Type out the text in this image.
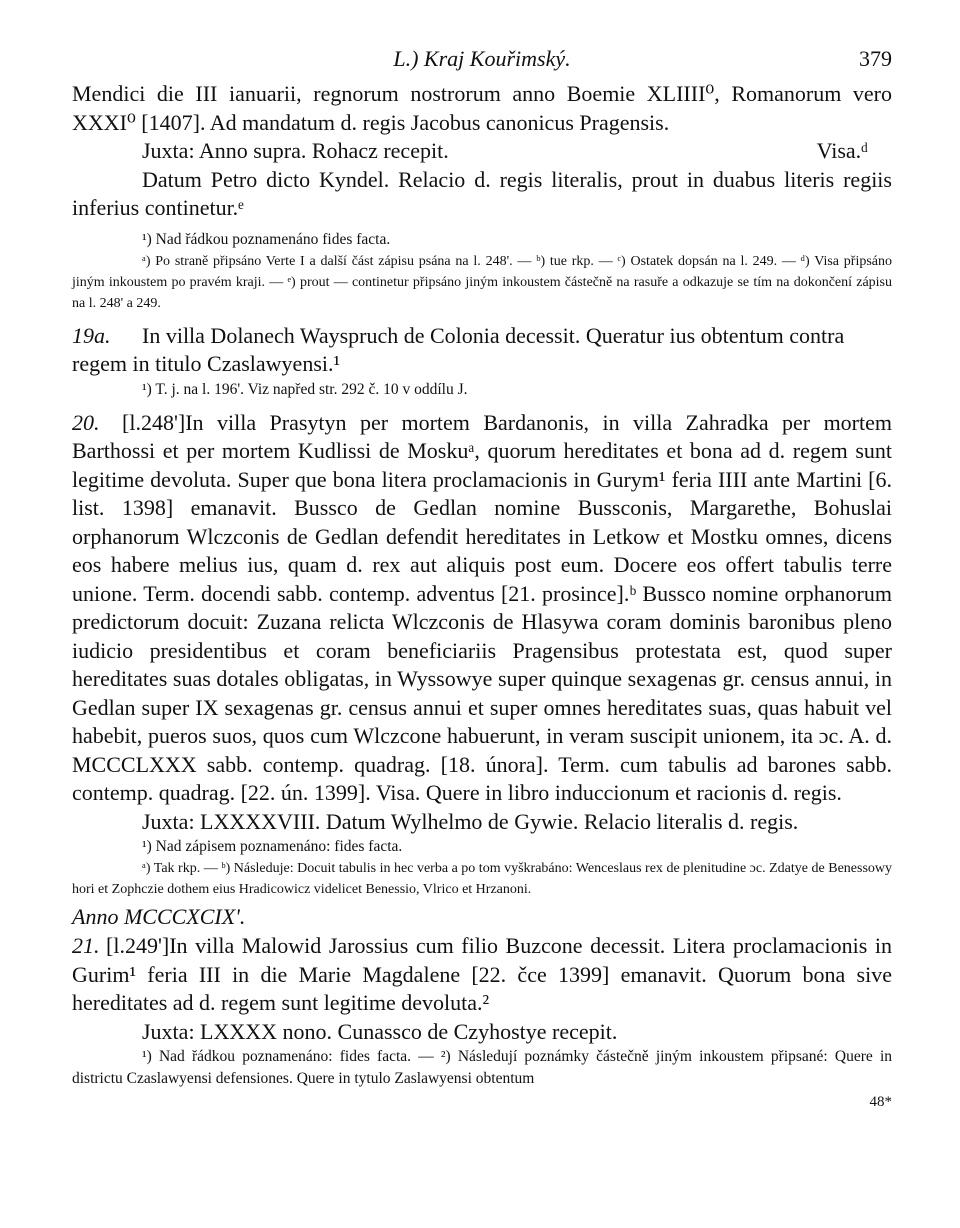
L.) Kraj Kouřimský.	379

Mendici die III ianuarii, regnorum nostrorum anno Boemie XLIIII⁰, Romanorum vero XXXI⁰ [1407]. Ad mandatum d. regis Jacobus canonicus Pragensis.

Juxta: Anno supra. Rohacz recepit.	Visa.ᵈ

Datum Petro dicto Kyndel. Relacio d. regis literalis, prout in duabus literis regiis inferius continetur.ᵉ

¹) Nad řádkou poznamenáno fides facta.

ᵃ) Po straně připsáno Verte I a další část zápisu psána na l. 248'. — ᵇ) tue rkp. — ᶜ) Ostatek dopsán na l. 249. — ᵈ) Visa připsáno jiným inkoustem po pravém kraji. — ᵉ) prout — continetur připsáno jiným inkoustem částečně na rasuře a odkazuje se tím na dokončení zápisu na l. 248' a 249.

19a. In villa Dolanech Wayspruch de Colonia decessit. Queratur ius obtentum contra regem in titulo Czaslawyensi.¹

¹) T. j. na l. 196'. Viz napřed str. 292 č. 10 v oddílu J.

20. [l.248']In villa Prasytyn per mortem Bardanonis, in villa Zahradka per mortem Barthossi et per mortem Kudlissi de Moskuᵃ, quorum hereditates et bona ad d. regem sunt legitime devoluta. Super que bona litera proclamacionis in Gurym¹ feria IIII ante Martini [6. list. 1398] emanavit. Bussco de Gedlan nomine Bussconis, Margarethe, Bohuslai orphanorum Wlczconis de Gedlan defendit hereditates in Letkow et Mostku omnes, dicens eos habere melius ius, quam d. rex aut aliquis post eum. Docere eos offert tabulis terre unione. Term. docendi sabb. contemp. adventus [21. prosince].ᵇ Bussco nomine orphanorum predictorum docuit: Zuzana relicta Wlczconis de Hlasywa coram dominis baronibus pleno iudicio presidentibus et coram beneficiariis Pragensibus protestata est, quod super hereditates suas dotales obligatas, in Wyssowye super quinque sexagenas gr. census annui, in Gedlan super IX sexagenas gr. census annui et super omnes hereditates suas, quas habuit vel habebit, pueros suos, quos cum Wlczcone habuerunt, in veram suscipit unionem, ita ɔc. A. d. MCCCLXXX sabb. contemp. quadrag. [18. února]. Term. cum tabulis ad barones sabb. contemp. quadrag. [22. ún. 1399]. Visa. Quere in libro induccionum et racionis d. regis.

Juxta: LXXXXVIII. Datum Wylhelmo de Gywie. Relacio literalis d. regis.

¹) Nad zápisem poznamenáno: fides facta.

ᵃ) Tak rkp. — ᵇ) Následuje: Docuit tabulis in hec verba a po tom vyškrabáno: Wenceslaus rex de plenitudine ɔc. Zdatye de Benessowy hori et Zophczie dothem eius Hradicowicz videlicet Benessio, Vlrico et Hrzanoni.

Anno MCCCXCIX'.

21. [l.249']In villa Malowid Jarossius cum filio Buzcone decessit. Litera proclamacionis in Gurim¹ feria III in die Marie Magdalene [22. čce 1399] emanavit. Quorum bona sive hereditates ad d. regem sunt legitime devoluta.²

Juxta: LXXXX nono. Cunassco de Czyhostye recepit.

¹) Nad řádkou poznamenáno: fides facta. — ²) Následují poznámky částečně jiným inkoustem připsané: Quere in districtu Czaslawyensi defensiones. Quere in tytulo Zaslawyensi obtentum

48*
